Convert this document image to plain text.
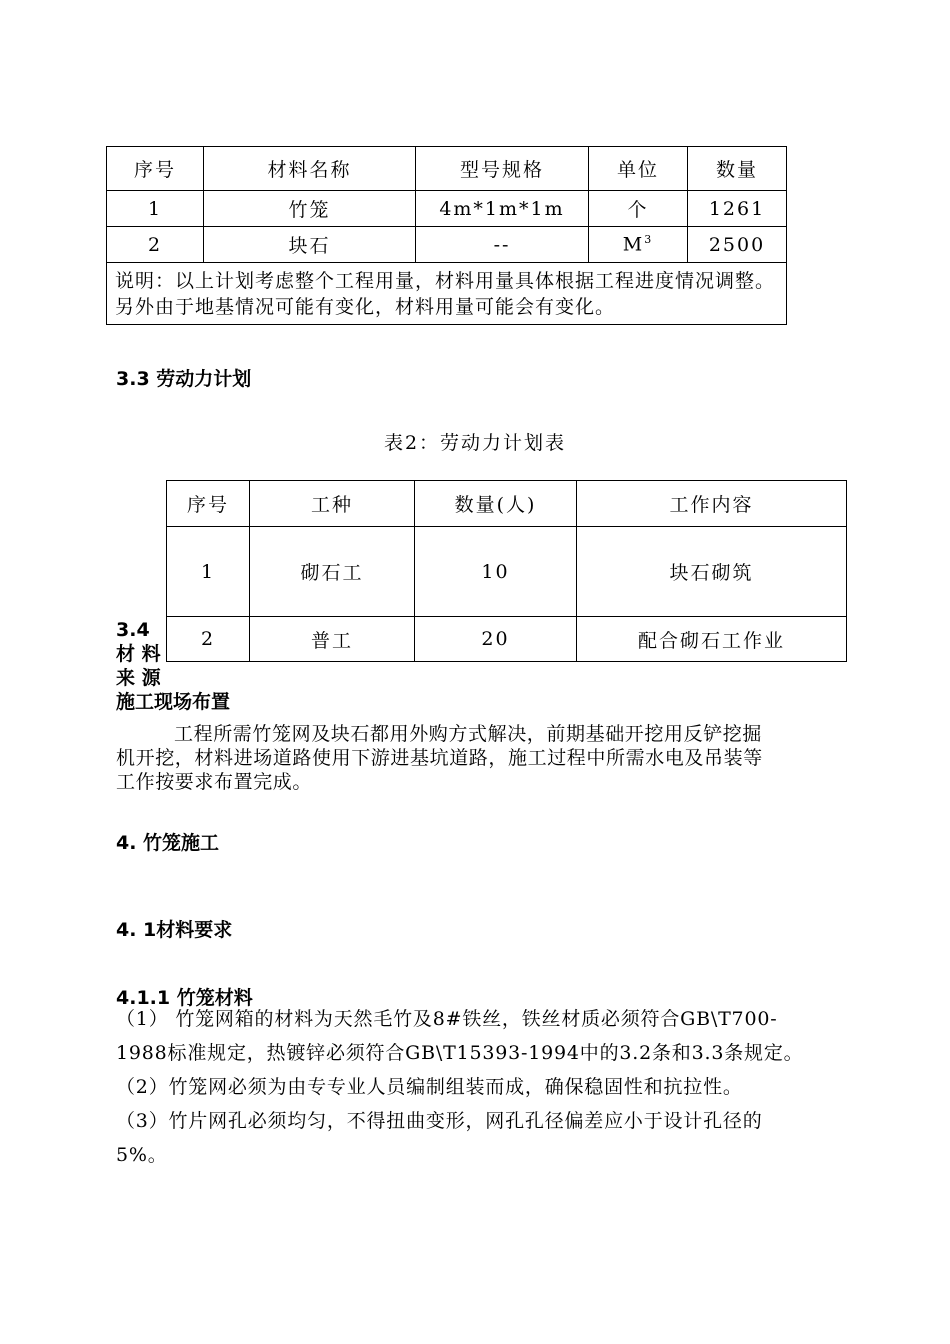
序号	材料名称	型号规格	单位	数量
1	竹笼	4m*1m*1m	个	1261
2	块石	--	$M^3$	2500
说明：以上计划考虑整个工程用量，材料用量具体根据工程进度情况调整。另外由于地基情况可能有变化，材料用量可能会有变化。				
3.3 劳动力计划
表2：劳动力计划表
序号	工种	数量(人)	工作内容
1	砌石工	10	块石砌筑
2	普工	20	配合砌石工作业
3.4
材 料
来 源
施工现场布置
工程所需竹笼网及块石都用外购方式解决，前期基础开挖用反铲挖掘
机开挖，材料进场道路使用下游进基坑道路，施工过程中所需水电及吊装等
工作按要求布置完成。
4. 竹笼施工
4. 1材料要求
4.1.1 竹笼材料
（1） 竹笼网箱的材料为天然毛竹及8#铁丝，铁丝材质必须符合GB\T700-
1988标准规定，热镀锌必须符合GB\T15393-1994中的3.2条和3.3条规定。
（2）竹笼网必须为由专专业人员编制组装而成，确保稳固性和抗拉性。
（3）竹片网孔必须均匀，不得扭曲变形，网孔孔径偏差应小于设计孔径的
5%。
